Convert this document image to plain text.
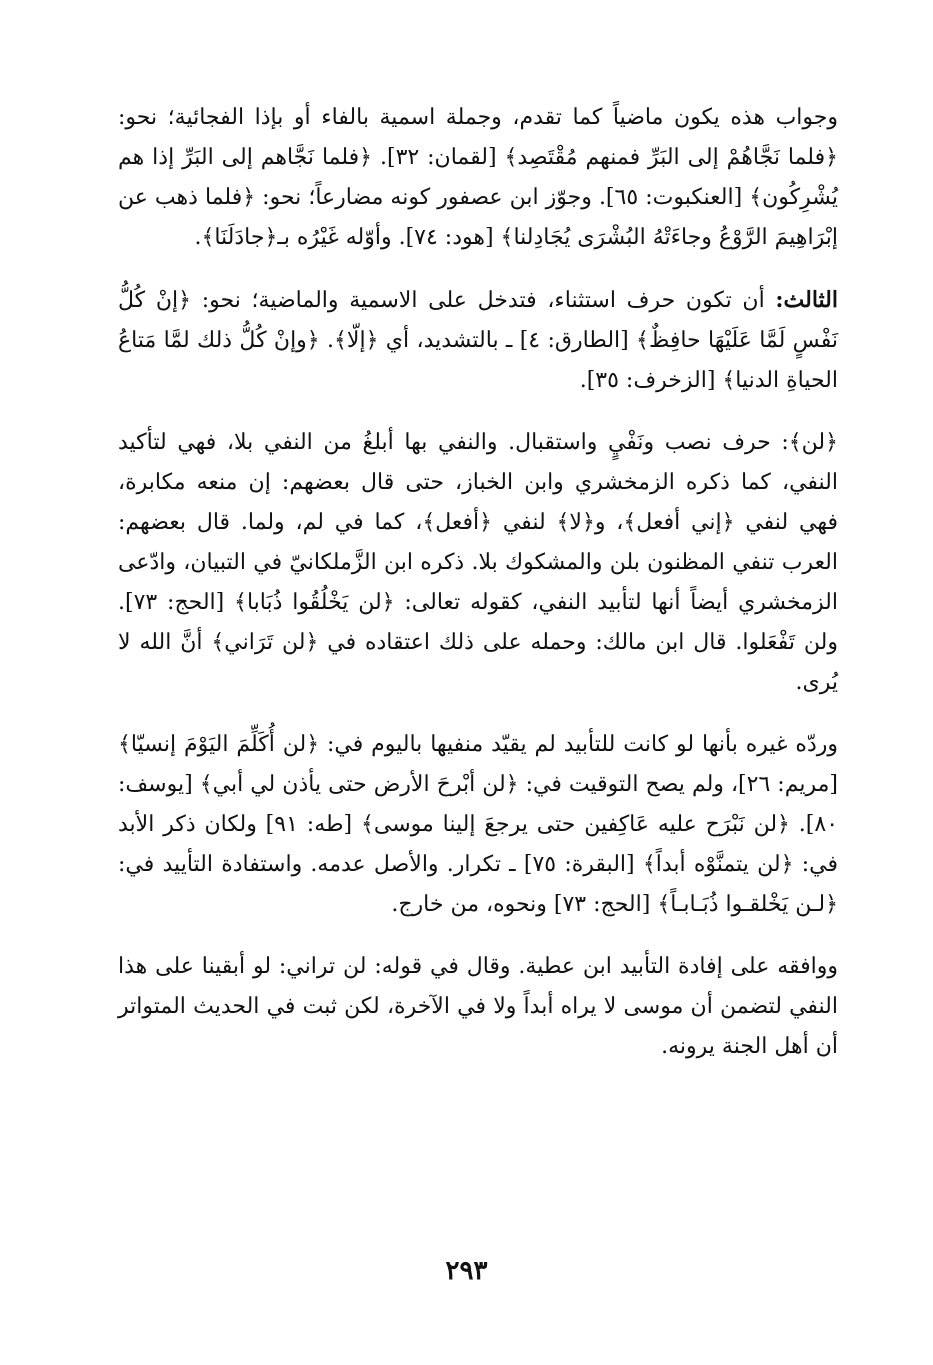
وجواب هذه يكون ماضياً كما تقدم، وجملة اسمية بالفاء أو بإذا الفجائية؛ نحو: ﴿فلما نَجَّاهُمْ إلى البَرِّ فمنهم مُقْتَصِد﴾ [لقمان: ٣٢]. ﴿فلما نَجَّاهم إلى البَرِّ إذا هم يُشْرِكُون﴾ [العنكبوت: ٦٥]. وجوّز ابن عصفور كونه مضارعاً؛ نحو: ﴿فلما ذهب عن إبْرَاهِيمَ الرَّوْعُ وجاءَتْهُ البُشْرَى يُجَادِلنا﴾ [هود: ٧٤]. وأوّله غَيْرُه بـ﴿جادَلَنَا﴾.

الثالث: أن تكون حرف استثناء، فتدخل على الاسمية والماضية؛ نحو: ﴿إنْ كُلُّ نَفْسٍ لَمَّا عَلَيْهَا حافِظٌ﴾ [الطارق: ٤] ـ بالتشديد، أي ﴿إلّا﴾. ﴿وإنْ كُلُّ ذلك لمَّا مَتاعُ الحياةِ الدنيا﴾ [الزخرف: ٣٥].

﴿لن﴾: حرف نصب ونَفْيٍ واستقبال. والنفي بها أبلغُ من النفي بلا، فهي لتأكيد النفي، كما ذكره الزمخشري وابن الخباز، حتى قال بعضهم: إن منعه مكابرة، فهي لنفي ﴿إني أفعل﴾، و﴿لا﴾ لنفي ﴿أفعل﴾، كما في لم، ولما. قال بعضهم: العرب تنفي المظنون بلن والمشكوك بلا. ذكره ابن الزَّملكانيّ في التبيان، وادّعى الزمخشري أيضاً أنها لتأبيد النفي، كقوله تعالى: ﴿لن يَخْلُقُوا ذُبَابا﴾ [الحج: ٧٣]. ولن تَفْعَلوا. قال ابن مالك: وحمله على ذلك اعتقاده في ﴿لن تَرَاني﴾ أنَّ الله لا يُرى.

وردّه غيره بأنها لو كانت للتأبيد لم يقيّد منفيها باليوم في: ﴿لن أُكَلِّمَ اليَوْمَ إنسيّا﴾ [مريم: ٢٦]، ولم يصح التوقيت في: ﴿لن أبْرحَ الأرض حتى يأذن لي أبي﴾ [يوسف: ٨٠]. ﴿لن نَبْرَح عليه عَاكِفين حتى يرجعَ إلينا موسى﴾ [طه: ٩١] ولكان ذكر الأبد في: ﴿لن يتمنَّوْه أبداً﴾ [البقرة: ٧٥] ـ تكرار. والأصل عدمه. واستفادة التأييد في: ﴿لـن يَخْلقـوا ذُبَـابـاً﴾ [الحج: ٧٣] ونحوه، من خارج.

ووافقه على إفادة التأبيد ابن عطية. وقال في قوله: لن تراني: لو أبقينا على هذا النفي لتضمن أن موسى لا يراه أبداً ولا في الآخرة، لكن ثبت في الحديث المتواتر أن أهل الجنة يرونه.

٢٩٣
